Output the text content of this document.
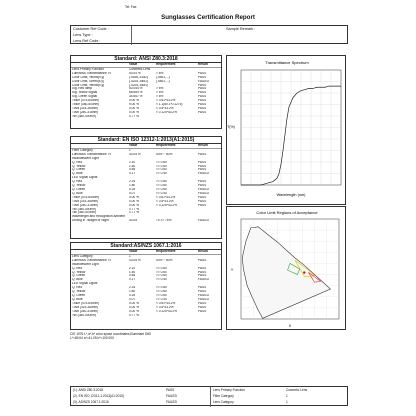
Tel: Fax:
Sunglasses Certification Report
Customer Ref Code :	Sample Remark :
Lens Type :
Lens Ref Code :
Standard: ANSI Z80.3:2018
	Value	Requirement	Result
Lens Primary Function	Cosmetic Lens		
Luminous Transmittance Tv	43.05 %	> 8%	PASS
Color Limit, Yellow(x,y)	(.5166,.4182)	(.5461,...)	PASS
Color Limit, Green(x,y)	(.4225,.5461)	(.5461,...)	FAILED
Color Limit, Yellow(x,y)	(.4225,.5481)		PASS
Sig. Red lamp	50.054 %	> 8%	PASS
Sig. Yellow Signal	68.669 %	> 6%	PASS
Sig. Green Signal	34.667 %	> 6%	PASS
Tblue (475-650nm)	0.00 %	< 0.61*43.2%	PASS
Tblue (380-500nm)	9.00 %	< 1.1(80.1*0.1275)	PASS
Tuva (315-380nm)	0.00 %	< 0.5*43.2%	PASS
Tuvb (280-315nm)	0.00 %	< 0.125*43.2%	PASS
Tsv (380-500nm)	0.77 %		
Standard: EN ISO 12312-1:2013(A1:2015)
	Value	Requirement	Result
Filter Category	1		
Luminous Transmittance Tv	43.05 %	43% ~ 80%	PASS
Incandescent Light			
Q, Red	2.10	>= 0.80	PASS
Q, Yellow	1.50	>= 0.60	PASS
Q, Green	0.65	>= 0.60	PASS
Q, Blue	0.17	>= 0.40	FAILED
LED Signal Lights			
Q, Red	2.15	>= 0.80	PASS
Q, Yellow	1.80	>= 0.80	PASS
Q, Green	0.25	>= 0.60	FAILED
Q, Blue	0.07	>= 0.40	FAILED
Tblue (475-650nm)	0.00 %	< 0.61*43.2%	PASS
Tuva (315-380nm)	0.00 %	< 0.5*43.2%	PASS
Tuvb (280-315nm)	0.00 %	< 0.125*43.2%	PASS
Tsv (380-500nm)	0.77 %		
Tsb (380-500nm)	0.77 %		
Wavelength and Recognition Ambient			
Driving in Twilight or Night	43.05	Tv >= 75%	FAILED
Standard:AS/NZS 1067.1:2016
	Value	Requirement	Result
Lens Category	1		
Luminous Transmittance Tv	43.05 %	43% ~ 80%	PASS
Incandescent Light			
Q, Red	2.10	>= 0.80	PASS
Q, Yellow	1.50	>= 0.60	PASS
Q, Green	0.65	>= 0.60	PASS
Q, Blue	0.17	>= 0.40	FAILED
LED Signal Lights			
Q, Red	2.15	>= 0.80	PASS
Q, Yellow	1.80	>= 0.80	PASS
Q, Green	0.25	>= 0.60	FAILED
Q, Blue	0.07	>= 0.40	FAILED
Tblue (475-650nm)	0.00 %	< 0.61*43.2%	PASS
Tuva (315-380nm)	0.00 %	< 0.5*43.2%	PASS
Tuvb (280-315nm)	0.00 %	< 0.125*43.2%	PASS
Tsv (380-500nm)	0.77 %		
CIE 1976 L*,a*,b* color space coordinates,Illuminant D65
L*=69.64 a*=41.05 b*=100.000
Transmittance Spectrum
Wavelength (nm)
T(%)
Color Limit Regions of Acceptance
X
Y
(1). ANSI Z80.3:2018	PASS
(2). EN ISO 12312-1:2013(A1:2015)	FAILED
(3). AS/NZS 1067.1:2016	FAILED
Lens Primary Function	Cosmetic Lens
Filter Category	1
Lens Category	1
